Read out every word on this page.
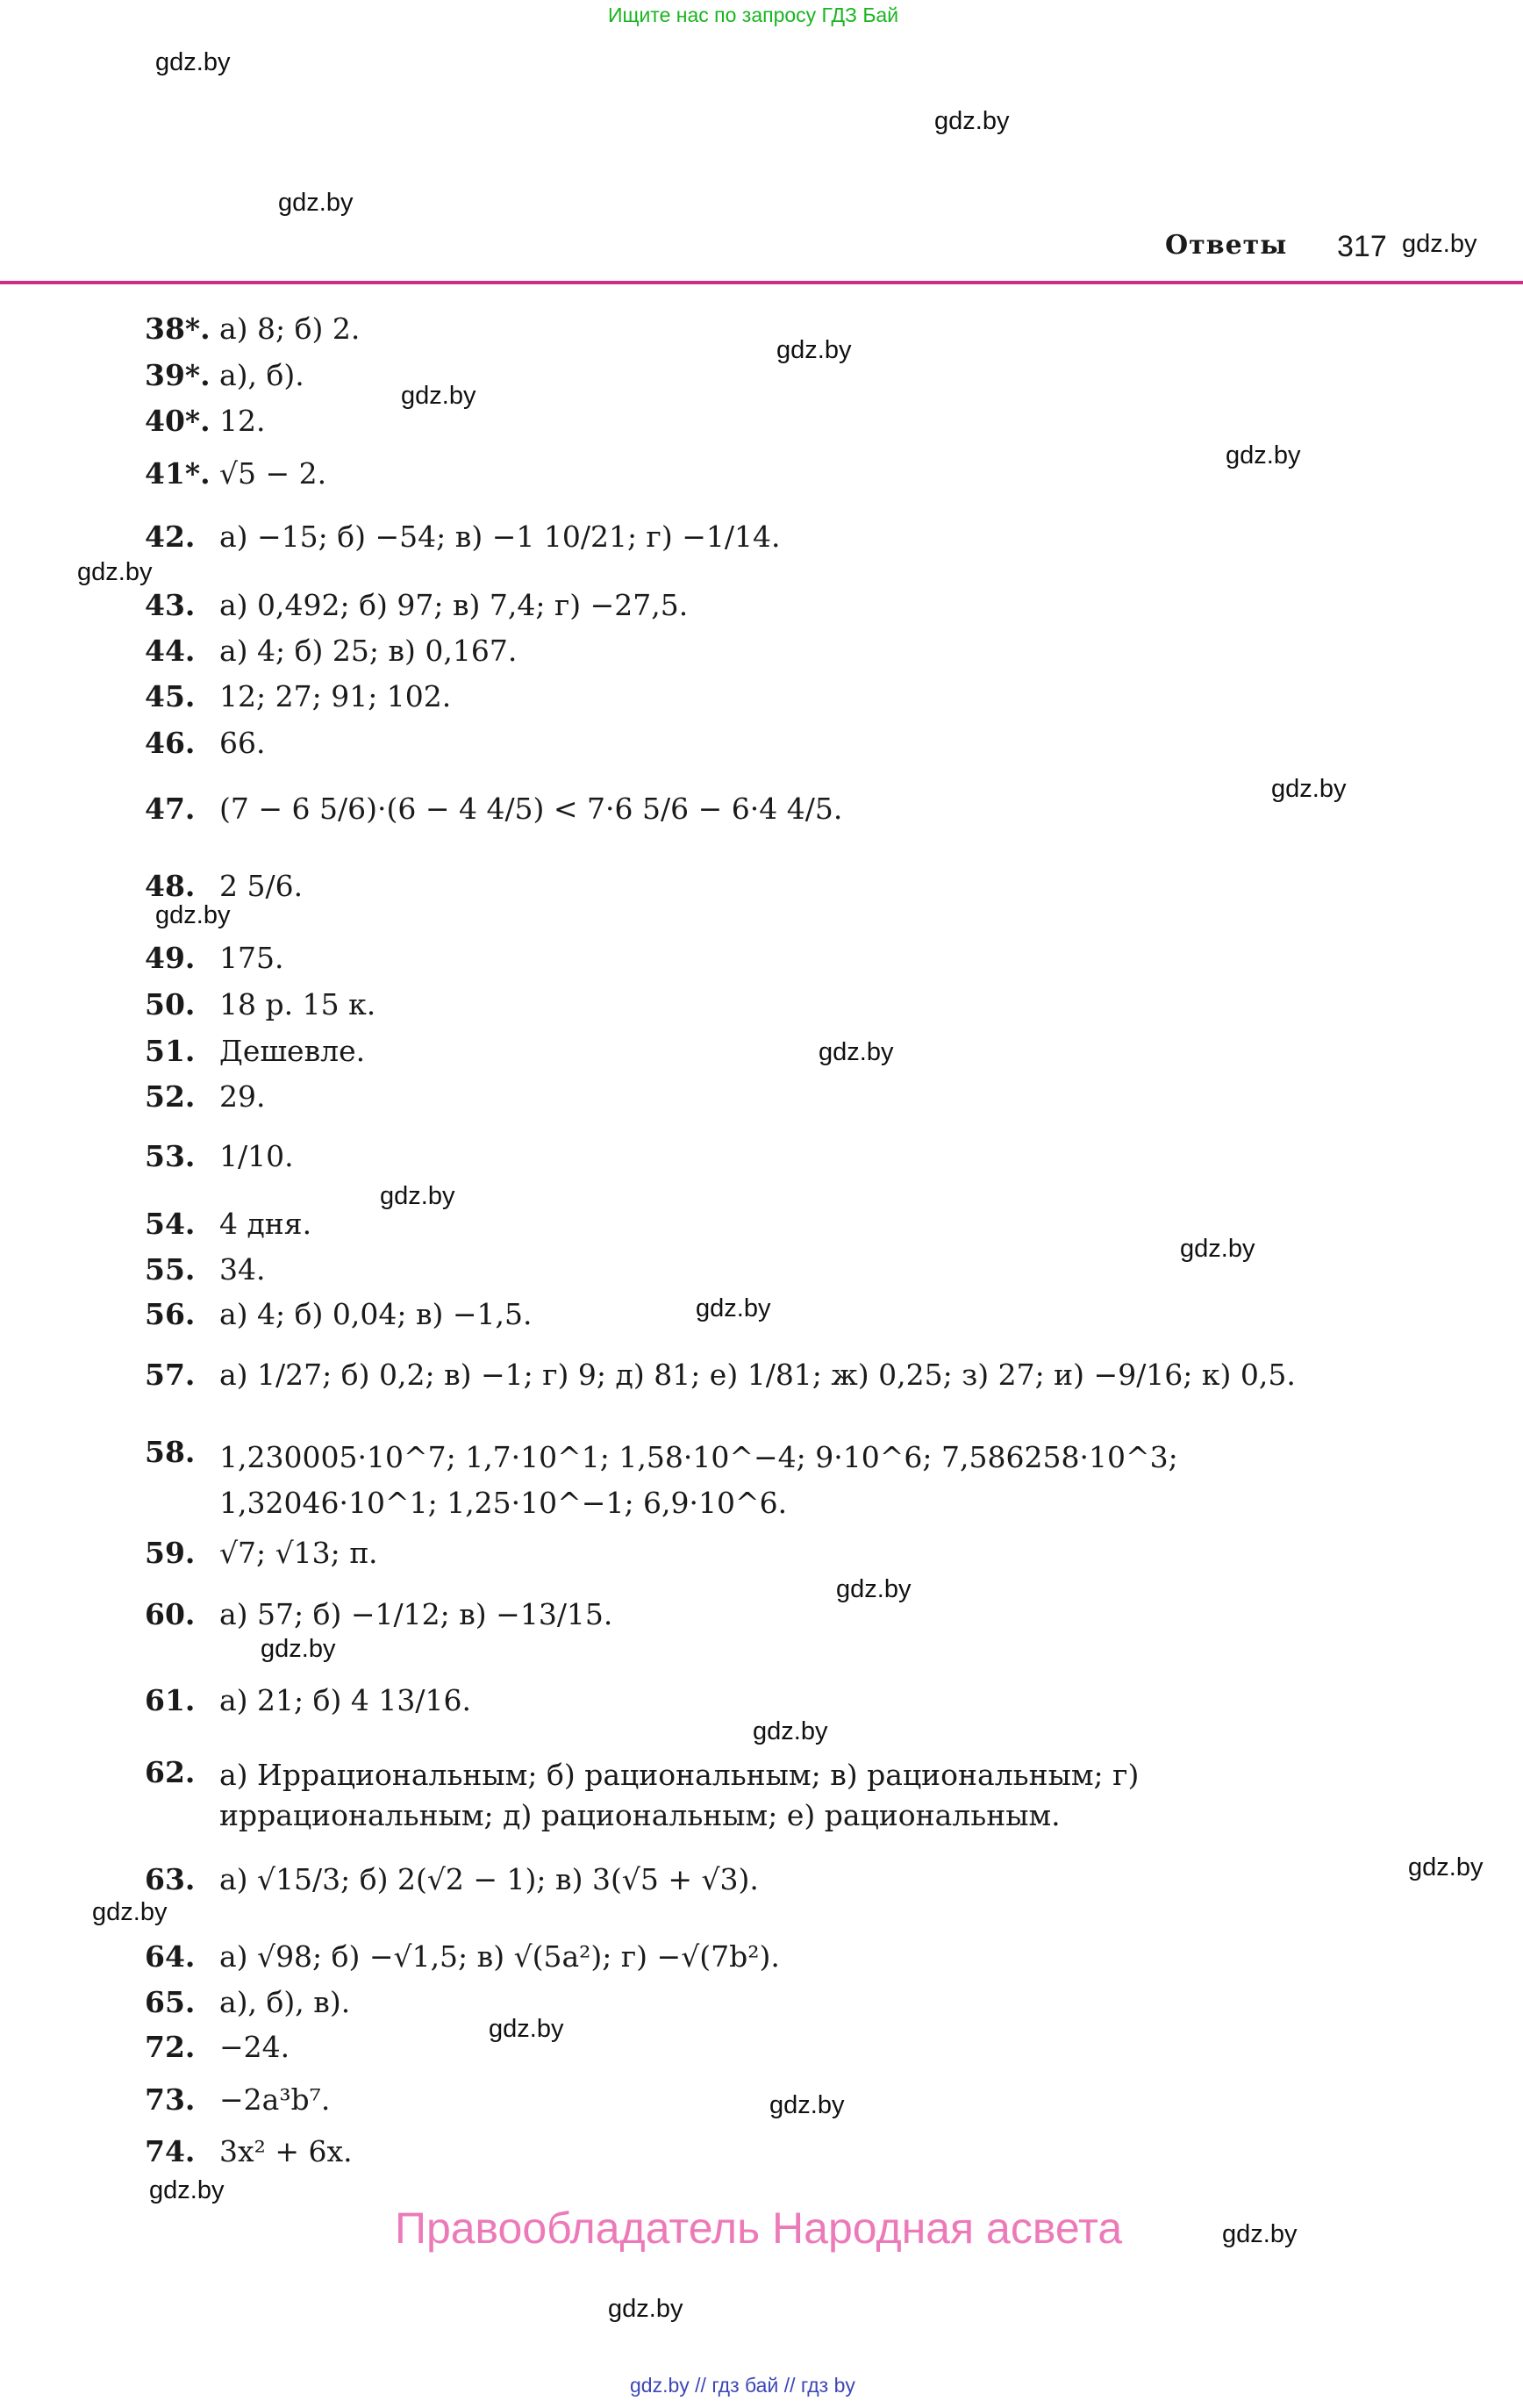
Ищите нас по запросу ГДЗ Бай
Ответы 317
gdz.by
gdz.by
gdz.by
gdz.by
gdz.by
gdz.by
gdz.by
gdz.by
gdz.by
gdz.by
gdz.by
gdz.by
gdz.by
gdz.by
gdz.by
gdz.by
gdz.by
gdz.by
gdz.by
gdz.by
gdz.by
gdz.by
gdz.by
gdz.by
38*. а) 8; б) 2.
39*. а), б).
40*. 12.
41*. √5 − 2.
42. а) −15; б) −54; в) −1 10/21; г) −1/14.
43. а) 0,492; б) 97; в) 7,4; г) −27,5.
44. а) 4; б) 25; в) 0,167.
45. 12; 27; 91; 102.
46. 66.
47. (7 − 6 5/6)·(6 − 4 4/5) < 7·6 5/6 − 6·4 4/5.
48. 2 5/6.
49. 175.
50. 18 р. 15 к.
51. Дешевле.
52. 29.
53. 1/10.
54. 4 дня.
55. 34.
56. а) 4; б) 0,04; в) −1,5.
57. а) 1/27; б) 0,2; в) −1; г) 9; д) 81; е) 1/81; ж) 0,25; з) 27; и) −9/16; к) 0,5.
58. 1,230005·10^7; 1,7·10^1; 1,58·10^−4; 9·10^6; 7,586258·10^3; 1,32046·10^1; 1,25·10^−1; 6,9·10^6.
59. √7; √13; π.
60. а) 57; б) −1/12; в) −13/15.
61. а) 21; б) 4 13/16.
62. а) Иррациональным; б) рациональным; в) рациональным; г) иррациональным; д) рациональным; е) рациональным.
63. а) √15/3; б) 2(√2 − 1); в) 3(√5 + √3).
64. а) √98; б) −√1,5; в) √(5a²); г) −√(7b²).
65. а), б), в).
72. −24.
73. −2a³b⁷.
74. 3x² + 6x.
Правообладатель Народная асвета
gdz.by // гдз бай // гдз by
